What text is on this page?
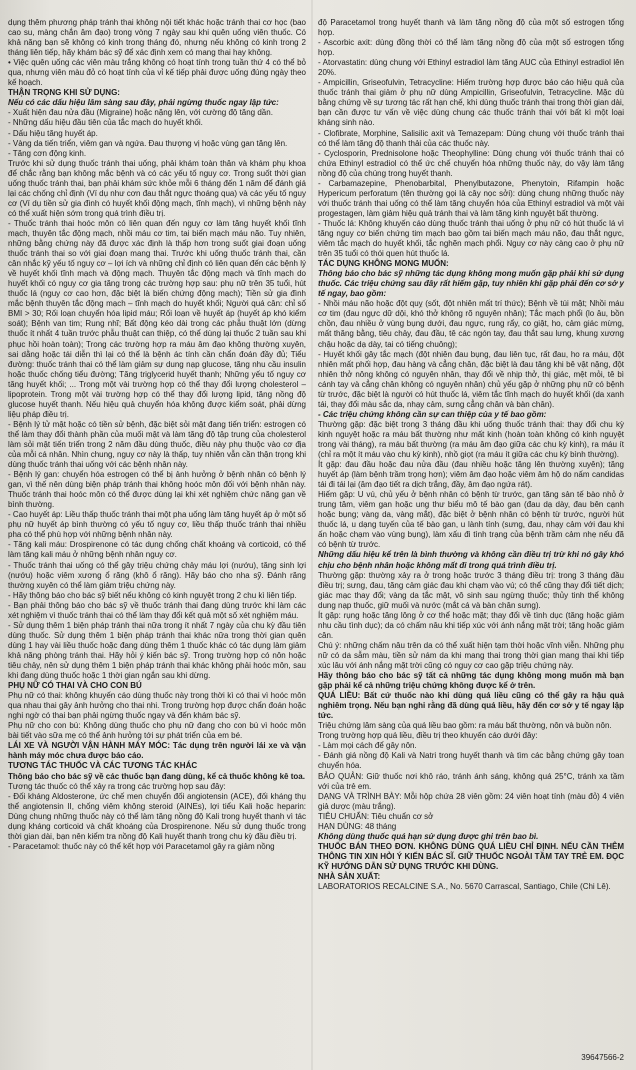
dụng thêm phương pháp tránh thai không nội tiết khác hoặc tránh thai cơ học (bao cao su, màng chắn âm đạo) trong vòng 7 ngày sau khi quên uống viên thuốc. Có khả năng bạn sẽ không có kinh trong tháng đó, nhưng nếu không có kinh trong 2 tháng liên tiếp, hãy khám bác sỹ để xác định xem có mang thai hay không.

• Việc quên uống các viên màu trắng không có hoạt tính trong tuần thứ 4 có thể bỏ qua, nhưng viên màu đỏ có hoạt tính của vỉ kế tiếp phải được uống đúng ngày theo kế hoạch.

THẬN TRỌNG KHI SỬ DỤNG:

Nếu có các dấu hiệu lâm sàng sau đây, phải ngừng thuốc ngay lập tức:

- Xuất hiện đau nửa đầu (Migraine) hoặc nặng lên, với cường độ tăng dần.

- Những dấu hiệu đầu tiên của tắc mạch do huyết khối.

- Dấu hiệu tăng huyết áp.

- Vàng da tiến triển, viêm gan và ngứa. Đau thượng vị hoặc vùng gan tăng lên.

- Tăng cơn động kinh.

Trước khi sử dụng thuốc tránh thai uống, phải khám toàn thân và khám phụ khoa để chắc rằng bạn không mắc bệnh và có các yếu tố nguy cơ. Trong suốt thời gian uống thuốc tránh thai, bạn phải khám sức khỏe mỗi 6 tháng đến 1 năm để đánh giá lại các chống chỉ định (Ví dụ như cơn đau thắt ngực thoáng qua) và các yếu tố nguy cơ (Ví dụ tiền sử gia đình có huyết khối động mạch, tĩnh mạch), vì những bệnh này có thể xuất hiện sớm trong quá trình điều trị.

- Thuốc tránh thai hoóc môn có liên quan đến nguy cơ làm tăng huyết khối tĩnh mạch, thuyên tắc động mạch, nhồi máu cơ tim, tai biến mạch máu não. Tuy nhiên, những bằng chứng này đã được xác định là thấp hơn trong suốt giai đoạn uống thuốc tránh thai so với giai đoạn mang thai. Trước khi uống thuốc tránh thai, cần cân nhắc kỹ yếu tố nguy cơ – lợi ích và những chỉ định có liên quan đến các bệnh lý về huyết khối tĩnh mạch và động mạch. Thuyên tắc động mạch và tĩnh mạch do huyết khối có nguy cơ gia tăng trong các trường hợp sau: phụ nữ trên 35 tuổi, hút thuốc lá (nguy cơ cao hơn, đặc biệt là biến chứng động mạch); Tiền sử gia đình mắc bệnh thuyên tắc động mạch – tĩnh mạch do huyết khối; Người quá cân: chỉ số BMI > 30; Rối loạn chuyển hóa lipid máu; Rối loạn về huyết áp (huyết áp khó kiểm soát); Bệnh van tim; Rung nhĩ; Bất động kéo dài trong các phẫu thuật lớn (dừng thuốc ít nhất 4 tuần trước phẫu thuật can thiệp, có thể dùng lại thuốc 2 tuần sau khi phục hồi hoàn toàn); Trong các trường hợp ra máu âm đạo không thường xuyên, sai dằng hoặc tái diễn thì lại có thể là bệnh ác tính cần chẩn đoán đầy đủ; Tiểu đường: thuốc tránh thai có thể làm giảm sự dung nạp glucose, tăng nhu cầu insulin hoặc thuốc chống tiểu đường; Tăng triglycerid huyết thanh; Những yếu tố nguy cơ tăng huyết khối; ... Trong một vài trường hợp có thể thay đổi lượng cholesterol – lipoprotein. Trong một vài trường hợp có thể thay đổi lượng lipid, tăng nồng độ glucose huyết thanh. Nếu hiệu quả chuyển hóa không được kiểm soát, phải dừng liệu pháp điều trị.

- Bệnh lý tử mật hoặc có tiền sử bệnh, đặc biệt sỏi mật đang tiến triển: estrogen có thể làm thay đổi thành phần của muối mật và làm tăng độ tập trung của cholesterol làm sỏi mật tiến triển trong 2 năm đầu dùng thuốc, điều này phụ thuộc vào cơ địa của mỗi cá nhân. Nhìn chung, nguy cơ này là thấp, tuy nhiên vẫn cần thận trọng khi dùng thuốc tránh thai uống với các bệnh nhân này.

- Bệnh lý gan: chuyển hóa estrogen có thể bị ảnh hưởng ở bệnh nhân có bệnh lý gan, vì thế nên dùng biện pháp tránh thai không hoóc môn đối với bệnh nhân này. Thuốc tránh thai hoóc môn có thể được dùng lại khi xét nghiệm chức năng gan về bình thường.

- Cao huyết áp: Liều thấp thuốc tránh thai một pha uống làm tăng huyết áp ở một số phụ nữ huyết áp bình thường có yếu tố nguy cơ, liều thấp thuốc tránh thai nhiều pha có thể phù hợp với những bệnh nhân này.

- Tăng kali máu: Drospirenone có tác dụng chống chất khoáng và corticoid, có thể làm tăng kali máu ở những bệnh nhân nguy cơ.

- Thuốc tránh thai uống có thể gây triệu chứng chảy máu lợi (nướu), tăng sinh lợi (nướu) hoặc viêm xương ổ răng (khô ổ răng). Hãy báo cho nha sỹ. Đánh răng thường xuyên có thể làm giảm triệu chứng này.

- Hãy thông báo cho bác sỹ biết nếu không có kinh nguyệt trong 2 chu kì liên tiếp.

- Bạn phải thông báo cho bác sỹ về thuốc tránh thai đang dùng trước khi làm các xét nghiệm vì thuốc tránh thai có thể làm thay đổi kết quả một số xét nghiệm máu.

- Sử dụng thêm 1 biện pháp tránh thai nữa trong ít nhất 7 ngày của chu kỳ đầu tiên dùng thuốc. Sử dụng thêm 1 biện pháp tránh thai khác nữa trong thời gian quên dùng 1 hay vài liều thuốc hoặc đang dùng thêm 1 thuốc khác có tác dụng làm giảm khả năng phòng tránh thai. Hãy hỏi ý kiến bác sỹ. Trong trường hợp có nôn hoặc tiêu chảy, nên sử dụng thêm 1 biện pháp tránh thai khác không phải hoóc môn, sau khi đang dùng thuốc hoặc 1 thời gian ngắn sau khi dừng.

PHỤ NỮ CÓ THAI VÀ CHO CON BÚ

Phụ nữ có thai: không khuyến cáo dùng thuốc này trong thời kì có thai vì hoóc môn qua nhau thai gây ảnh hưởng cho thai nhi. Trong trường hợp được chẩn đoán hoặc nghi ngờ có thai bạn phải ngừng thuốc ngay và đến khám bác sỹ.

Phụ nữ cho con bú: Không dùng thuốc cho phụ nữ đang cho con bú vì hoóc môn bài tiết vào sữa mẹ có thể ảnh hưởng tới sự phát triển của em bé.

LÁI XE VÀ NGƯỜI VẬN HÀNH MÁY MÓC: Tác dụng trên người lái xe và vận hành máy móc chưa được báo cáo.

TƯƠNG TÁC THUỐC VÀ CÁC TƯƠNG TÁC KHÁC

Thông báo cho bác sỹ về các thuốc bạn đang dùng, kể cả thuốc không kê toa.

Tương tác thuốc có thể xảy ra trong các trường hợp sau đây:

- Đối kháng Aldosterone, ức chế men chuyển đối angiotensin (ACE), đối kháng thụ thể angiotensin II, chống viêm không steroid (AINEs), lợi tiểu Kali hoặc heparin: Dùng chung những thuốc này có thể làm tăng nồng độ Kali trong huyết thanh vì tác dụng kháng corticoid và chất khoáng của Drospirenone. Nếu sử dụng thuốc trong thời gian dài, bạn nên kiểm tra nồng độ Kali huyết thanh trong chu kỳ đầu điều trị.

- Paracetamol: thuốc này có thể kết hợp với Paracetamol gây ra giảm nồng

độ Paracetamol trong huyết thanh và làm tăng nồng độ của một số estrogen tổng hợp.

- Ascorbic axit: dùng đồng thời có thể làm tăng nồng độ của một số estrogen tổng hợp.

- Atorvastatin: dùng chung với Ethinyl estradiol làm tăng AUC của Ethinyl estradiol lên 20%.

- Ampicillin, Griseofulvin, Tetracycline: Hiếm trường hợp được báo cáo hiệu quả của thuốc tránh thai giảm ở phụ nữ dùng Ampicillin, Griseofulvin, Tetracycline. Mặc dù bằng chứng về sự tương tác rất hạn chế, khi dùng thuốc tránh thai trong thời gian dài, bạn cần được tư vấn về việc dùng chung các thuốc tránh thai với bất kì một loại kháng sinh nào.

- Clofibrate, Morphine, Salisilic axit và Temazepam: Dùng chung với thuốc tránh thai có thể làm tăng độ thanh thải của các thuốc này.

- Cyclosporin, Prednisolone hoặc Theophylline: Dùng chung với thuốc tránh thai có chứa Ethinyl estradiol có thể ức chế chuyển hóa những thuốc này, do vậy làm tăng nồng độ của chúng trong huyết thanh.

- Carbamazepine, Phenobarbital, Phenylbutazone, Phenytoin, Rifampin hoặc Hypericum perforatum (tên thường gọi là cây nọc sởi): dùng chung những thuốc này với thuốc tránh thai uống có thể làm tăng chuyển hóa của Ethinyl estradiol và một vài progestagen, làm giảm hiệu quả tránh thai và làm tăng kinh nguyệt bất thường.

- Thuốc lá: Không khuyến cáo dùng thuốc tránh thai uống ở phụ nữ có hút thuốc lá vì tăng nguy cơ biến chứng tim mạch bao gồm tai biến mạch máu não, đau thắt ngực, viêm tắc mạch do huyết khối, tắc nghẽn mạch phổi. Nguy cơ này càng cao ở phụ nữ trên 35 tuổi có thói quen hút thuốc lá.

TÁC DỤNG KHÔNG MONG MUỐN:

Thông báo cho bác sỹ những tác dụng không mong muốn gặp phải khi sử dụng thuốc. Các triệu chứng sau đây rất hiếm gặp, tuy nhiên khi gặp phải đến cơ sở y tế ngay, bao gồm:

- Nhồi máu não hoặc đột quỵ (sốt, đột nhiên mất trí thức); Bệnh về túi mật; Nhồi máu cơ tim (đau ngực dữ dội, khó thở không rõ nguyên nhân); Tắc mạch phổi (lo âu, bồn chồn, đau nhiều ở vùng bụng dưới, đau ngực, rung rẩy, co giật, ho, cảm giác mừng, mất thăng bằng, tiêu chảy, đau đầu, tê các ngón tay, đau thắt sau lưng, khung xương chậu hoặc dạ dày, tai có tiếng chuông);

- Huyết khối gây tắc mạch (đột nhiên đau bụng, đau liên tục, rất đau, ho ra máu, đột nhiên mất phối hợp, đau hàng và cẳng chân, đặc biệt là đau tăng khi bê vật nặng, đột nhiên thở nông không có nguyên nhân, thay đổi về nhịp thở, thị giác, mệt mỏi, tê bì cánh tay và cẳng chân không có nguyên nhân) chủ yếu gặp ở những phụ nữ có bệnh từ trước, đặc biệt là người có hút thuốc lá, viêm tắc tĩnh mạch do huyết khối (da xanh tái, thay đổi màu sắc da, nhạy cảm, sưng cẳng chân và bàn chân).

- Các triệu chứng không cần sự can thiệp của y tế bao gồm:

Thường gặp: đặc biệt trong 3 tháng đầu khi uống thuốc tránh thai: thay đổi chu kỳ kinh nguyệt hoặc ra máu bất thường như mất kinh (hoàn toàn không có kinh nguyệt trong vài tháng), ra máu bất thường (ra máu âm đạo giữa các chu kỳ kinh), ra máu ít (chỉ ra một ít máu vào chu kỳ kinh), nhồ giọt (ra máu ít giữa các chu kỳ bình thường).

Ít gặp: đau đầu hoặc đau nửa đầu (đau nhiều hoặc tăng lên thường xuyên); tăng huyết áp (làm bệnh trầm trọng hơn); viêm âm đạo hoặc viêm âm hộ do nấm candidas tái đi tái lại (âm đạo tiết ra dịch trắng, đầy, âm đạo ngứa rát).

Hiếm gặp: U vú, chủ yếu ở bệnh nhân có bệnh từ trước, gan tăng sản tế bào nhỏ ở trung tâm, viêm gan hoặc ung thư biểu mô tế bào gan (đau dạ dày, đau bên cạnh hoặc bụng; vàng da, vàng mắt), đặc biệt ở bệnh nhân có bệnh từ trước, người hút thuốc lá, u dạng tuyến của tế bào gan, u lành tính (sưng, đau, nhạy cảm với đau khi ấn hoặc chạm vào vùng bụng), làm xấu đi tình trạng của bệnh trầm cảm nhẹ nếu đã có bệnh từ trước.

Những dấu hiệu kể trên là bình thường và không cần điều trị trừ khi nó gây khó chịu cho bệnh nhân hoặc không mất đi trong quá trình điều trị.

Thường gặp: thường xảy ra ở trong hoặc trước 3 tháng điều trị: trong 3 tháng đầu điều trị; sưng, đau, tăng cảm giác đau khi chạm vào vú; có thể cũng thay đổi tiết dịch; giác mạc thay đổi; vàng da tắc mật, vô sinh sau ngừng thuốc; thủy tinh thể không dung nạp thuốc, giữ muối và nước (mắt cá và bàn chân sưng).

Ít gặp: rụng hoặc tăng lông ở cơ thể hoặc mặt; thay đổi về tình dục (tăng hoặc giảm nhu cầu tình dục); da có chấm nâu khi tiếp xúc với ánh nắng mặt trời; tăng hoặc giảm cân.

Chú ý: những chấm nâu trên da có thể xuất hiện tạm thời hoặc vĩnh viễn. Những phụ nữ có da sẫm màu, tiền sử nám da khi mang thai trong thời gian mang thai khi tiếp xúc lâu với ánh nắng mặt trời cũng có nguy cơ cao gặp triệu chứng này.

Hãy thông báo cho bác sỹ tất cả những tác dụng không mong muốn mà bạn gặp phải kể cả những triệu chứng không được kể ở trên.

QUÁ LIỀU: Bất cứ thuốc nào khi dùng quá liều cũng có thể gây ra hậu quả nghiêm trọng. Nếu bạn nghi rằng đã dùng quá liều, hãy đến cơ sở y tế ngay lập tức.

Triệu chứng lâm sàng của quá liều bao gồm: ra máu bất thường, nôn và buồn nôn.

Trong trường hợp quá liều, điều trị theo khuyến cáo dưới đây:

- Làm mọi cách để gây nôn.

- Đánh giá nồng độ Kali và Natri trong huyết thanh và tìm các bằng chứng gây toan chuyển hóa.

BẢO QUẢN: Giữ thuốc nơi khô ráo, tránh ánh sáng, không quá 25°C, tránh xa tầm với của trẻ em.

DẠNG VÀ TRÌNH BÀY: Mỗi hộp chứa 28 viên gồm: 24 viên hoạt tính (màu đỏ) 4 viên giả dược (màu trắng).

TIÊU CHUẨN: Tiêu chuẩn cơ sở

HẠN DÙNG: 48 tháng

Không dùng thuốc quá hạn sử dụng được ghi trên bao bì.

THUỐC BÁN THEO ĐƠN. KHÔNG DÙNG QUÁ LIỀU CHỈ ĐỊNH. NẾU CẦN THÊM THÔNG TIN XIN HỎI Ý KIẾN BÁC SĨ. GIỮ THUỐC NGOÀI TẦM TAY TRẺ EM. ĐỌC KỸ HƯỚNG DẪN SỬ DỤNG TRƯỚC KHI DÙNG.

NHÀ SẢN XUẤT:

LABORATORIOS RECALCINE S.A., No. 5670 Carrascal, Santiago, Chile (Chi Lê).

39647566-2
